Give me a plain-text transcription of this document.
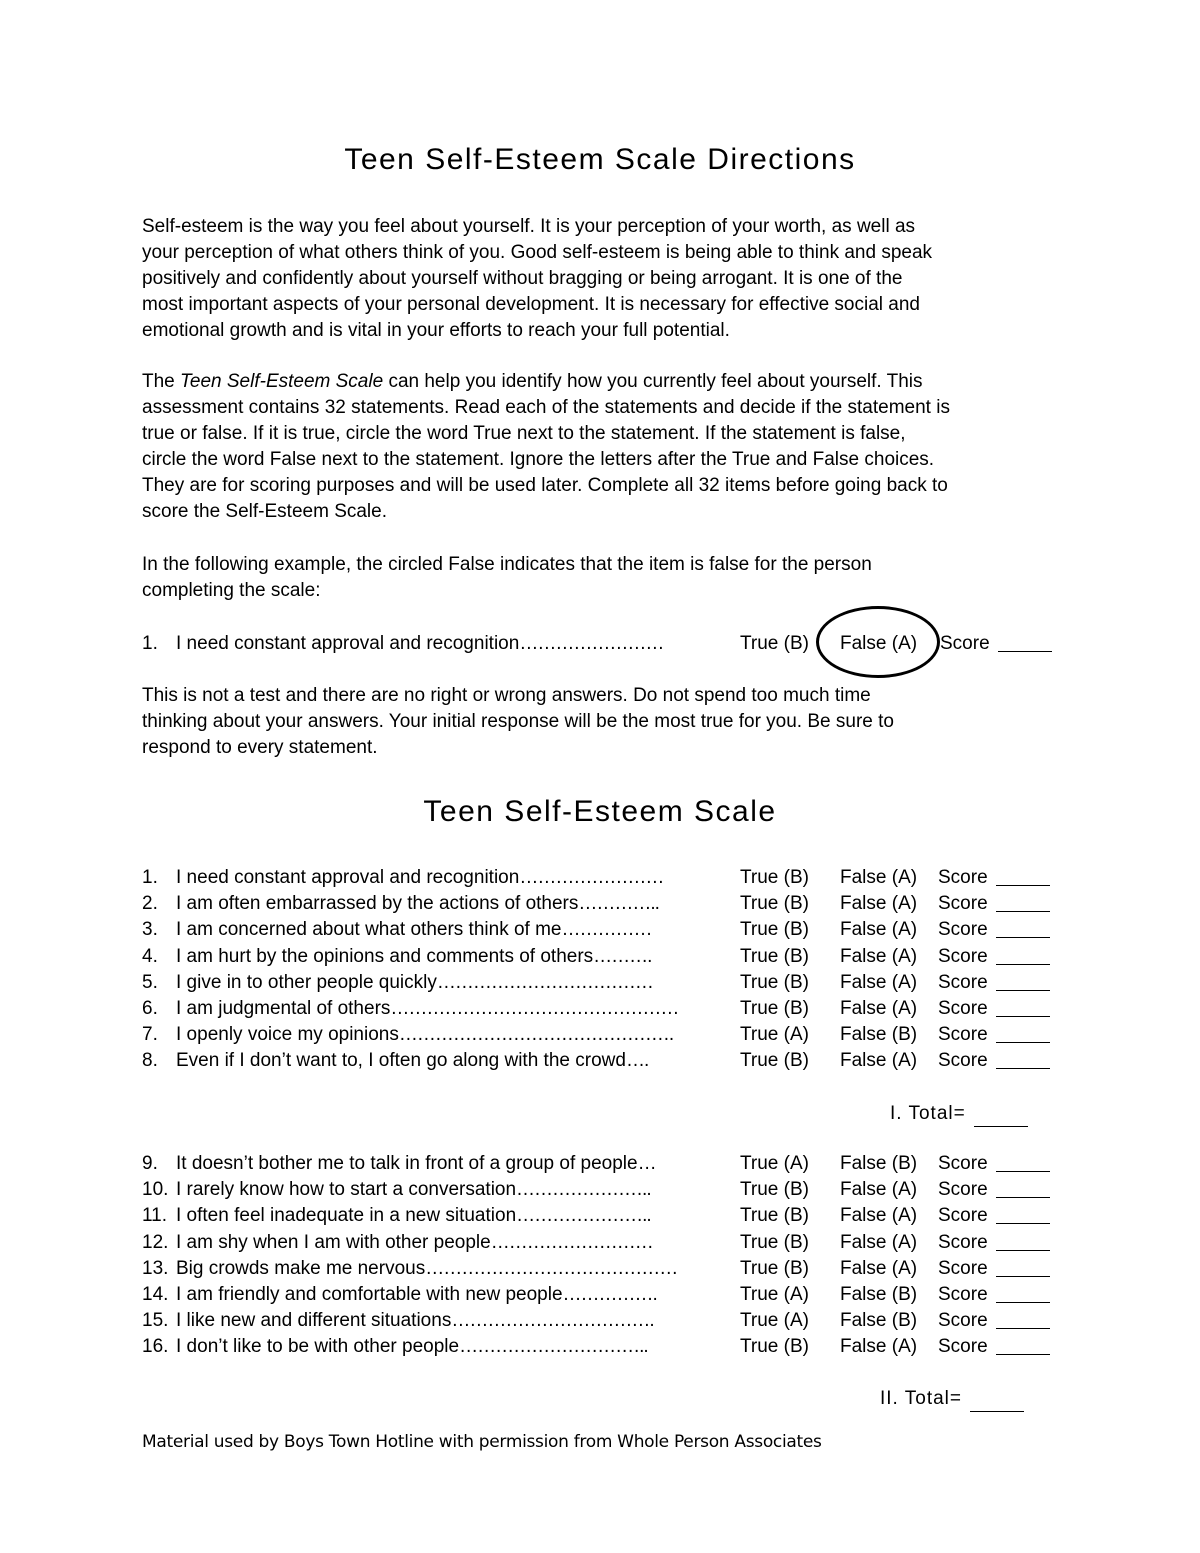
Teen Self-Esteem Scale Directions
Self-esteem is the way you feel about yourself. It is your perception of your worth, as well as
your perception of what others think of you. Good self-esteem is being able to think and speak
positively and confidently about yourself without bragging or being arrogant. It is one of the
most important aspects of your personal development. It is necessary for effective social and
emotional growth and is vital in your efforts to reach your full potential.
The Teen Self-Esteem Scale can help you identify how you currently feel about yourself. This
assessment contains 32 statements. Read each of the statements and decide if the statement is
true or false. If it is true, circle the word True next to the statement. If the statement is false,
circle the word False next to the statement. Ignore the letters after the True and False choices.
They are for scoring purposes and will be used later. Complete all 32 items before going back to
score the Self-Esteem Scale.
In the following example, the circled False indicates that the item is false for the person
completing the scale:
1. I need constant approval and recognition……………………	True (B) False (A) Score
This is not a test and there are no right or wrong answers. Do not spend too much time
thinking about your answers. Your initial response will be the most true for you. Be sure to
respond to every statement.
Teen Self-Esteem Scale
1. I need constant approval and recognition……………………	True (B) False (A) Score
2. I am often embarrassed by the actions of others…………..	True (B) False (A) Score
3. I am concerned about what others think of me……………	True (B) False (A) Score
4. I am hurt by the opinions and comments of others……….	True (B) False (A) Score
5. I give in to other people quickly………………………………	True (B) False (A) Score
6. I am judgmental of others…………………………………………	True (B) False (A) Score
7. I openly voice my opinions……………………………………….	True (A) False (B) Score
8. Even if I don’t want to, I often go along with the crowd….	True (B) False (A) Score
I. Total=
9. It doesn’t bother me to talk in front of a group of people…	True (A) False (B) Score
10. I rarely know how to start a conversation…………………..	True (B) False (A) Score
11. I often feel inadequate in a new situation…………………..	True (B) False (A) Score
12. I am shy when I am with other people………………………	True (B) False (A) Score
13. Big crowds make me nervous……………………………………	True (B) False (A) Score
14. I am friendly and comfortable with new people…………….	True (A) False (B) Score
15. I like new and different situations…………………………….	True (A) False (B) Score
16. I don’t like to be with other people…………………………..	True (B) False (A) Score
II. Total=
Material used by Boys Town Hotline with permission from Whole Person Associates
